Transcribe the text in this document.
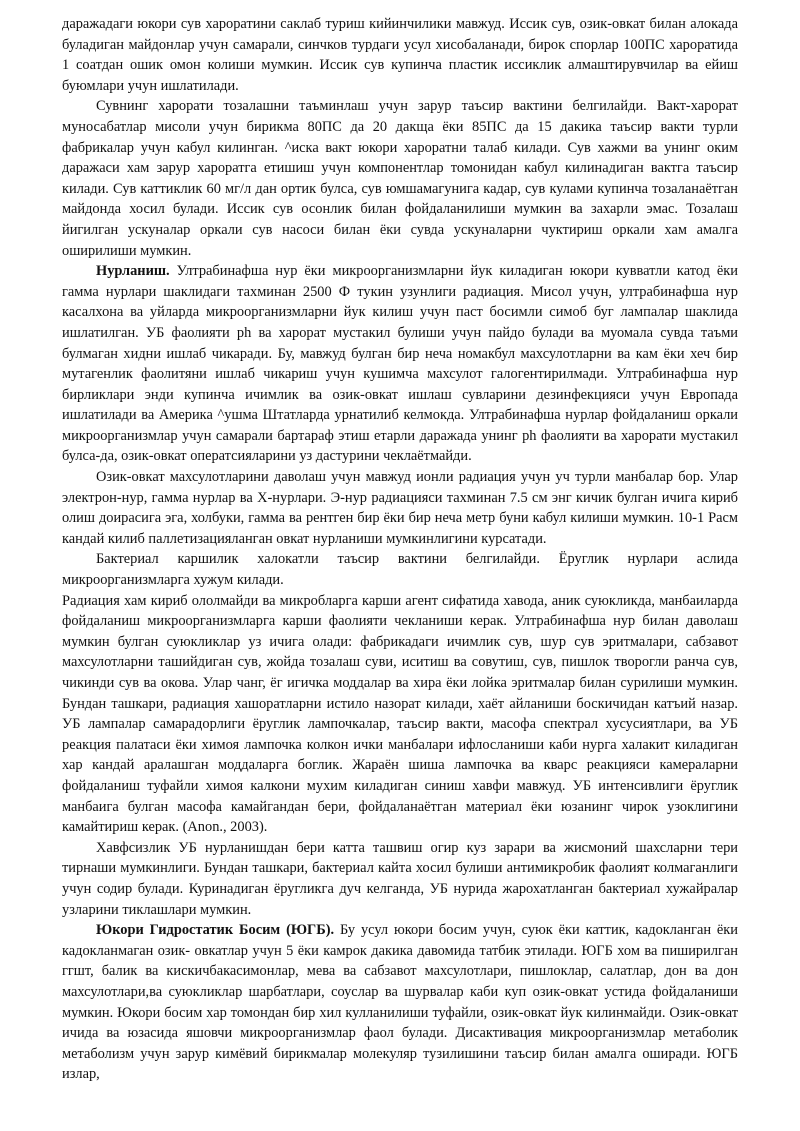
даражадаги юкори сув хароратини саклаб туриш кийинчилики мавжуд. Иссик сув, озик-овкат билан алокада буладиган майдонлар учун самарали, синчков турдаги усул хисобаланади, бирок спорлар 100ПС хароратида 1 соатдан ошик омон колиши мумкин. Иссик сув купинча пластик иссиклик алмаштирувчилар ва ейиш буюмлари учун ишлатилади.

Сувнинг харорати тозалашни таъминлаш учун зарур таъсир вактини белгилайди. Вакт-харорат муносабатлар мисоли учун бирикма 80ПС да 20 дакща ёки 85ПС да 15 дакика таъсир вакти турли фабрикалар учун кабул килинган. ^иска вакт юкори хароратни талаб килади. Сув хажми ва унинг оким даражаси хам зарур хароратга етишиш учун компонентлар томонидан кабул килинадиган вактга таъсир килади. Сув каттиклик 60 мг/л дан ортик булса, сув юмшамагунига кадар, сув кулами купинча тозаланаётган майдонда хосил булади. Иссик сув осонлик билан фойдаланилиши мумкин ва захарли эмас. Тозалаш йигилган ускуналар оркали сув насоси билан ёки сувда ускуналарни чуктириш оркали хам амалга оширилиши мумкин.

Нурланиш. Ултрабинафша нур ёки микроорганизмларни йук киладиган юкори кувватли катод ёки гамма нурлари шаклидаги тахминан 2500 Ф тукин узунлиги радиация. Мисол учун, ултрабинафша нур касалхона ва уйларда микроорганизмларни йук килиш учун паст босимли симоб буг лампалар шаклида ишлатилган. УБ фаолияти ph ва харорат мустакил булиши учун пайдо булади ва муомала сувда таъми булмаган хидни ишлаб чикаради. Бу, мавжуд булган бир неча номакбул махсулотларни ва кам ёки хеч бир мутагенлик фаолитяни ишлаб чикариш учун кушимча махсулот галогентирилмади. Ултрабинафша нур бирликлари энди купинча ичимлик ва озик-овкат ишлаш сувларини дезинфекцияси учун Европада ишлатилади ва Америка ^ушма Штатларда урнатилиб келмокда. Ултрабинафша нурлар фойдаланиш оркали микроорганизмлар учун самарали бартараф этиш етарли даражада унинг ph фаолияти ва харорати мустакил булса-да, озик-овкат оператсияларини уз дастурини чеклаётмайди.

Озик-овкат махсулотларини даволаш учун мавжуд ионли радиация учун уч турли манбалар бор. Улар электрон-нур, гамма нурлар ва Х-нурлари. Э-нур радиацияси тахминан 7.5 см энг кичик булган ичига кириб олиш доирасига эга, холбуки, гамма ва рентген бир ёки бир неча метр буни кабул килиши мумкин. 10-1 Расм кандай килиб паллетизацияланган овкат нурланиши мумкинлигини курсатади.

Бактериал каршилик халокатли таъсир вактини белгилайди. Ёруглик нурлари аслида микроорганизмларга хужум килади.

Радиация хам кириб ололмайди ва микробларга карши агент сифатида хавода, аник суюкликда, манбаиларда фойдаланиш микроорганизмларга карши фаолияти чекланиши керак. Ултрабинафша нур билан даволаш мумкин булган суюкликлар уз ичига олади: фабрикадаги ичимлик сув, шур сув эритмалари, сабзавот махсулотларни ташийдиган сув, жойда тозалаш суви, иситиш ва совутиш, сув, пишлок творогли ранча сув, чикинди сув ва окова. Улар чанг, ёг игичка моддалар ва хира ёки лойка эритмалар билан сурилиши мумкин. Бундан ташкари, радиация хашоратларни истило назорат килади, хаёт айланиши боскичидан катъий назар. УБ лампалар самарадорлиги ёруглик лампочкалар, таъсир вакти, масофа спектрал хусусиятлари, ва УБ реакция палатаси ёки химоя лампочка колкон ички манбалари ифлосланиши каби нурга халакит киладиган хар кандай аралашган моддаларга боглик. Жараён шиша лампочка ва кварс реакцияси камераларни фойдаланиш туфайли химоя калкони мухим киладиган синиш хавфи мавжуд. УБ интенсивлиги ёруглик манбаига булган масофа камайгандан бери, фойдаланаётган материал ёки юзанинг чирок узоклигини камайтириш керак. (Anon., 2003).

Хавфсизлик УБ нурланишдан бери катта ташвиш огир куз зарари ва жисмоний шахсларни тери тирнаши мумкинлиги. Бундан ташкари, бактериал кайта хосил булиши антимикробик фаолият колмаганлиги учун содир булади. Куринадиган ёругликга дуч келганда, УБ нурида жарохатланган бактериал хужайралар узларини тиклашлари мумкин.

Юкори Гидростатик Босим (ЮГБ). Бу усул юкори босим учун, суюк ёки каттик, кадокланган ёки кадокланмаган озик- овкатлар учун 5 ёки камрок дакика давомида татбик этилади. ЮГБ хом ва пиширилган ггшт, балик ва кискичбакасимонлар, мева ва сабзавот махсулотлари, пишлоклар, салатлар, дон ва дон махсулотлари,ва суюкликлар шарбатлари, соуслар ва шурвалар каби куп озик-овкат устида фойдаланиши мумкин. Юкори босим хар томондан бир хил кулланилиши туфайли, озик-овкат йук килинмайди. Озик-овкат ичида ва юзасида яшовчи микроорганизмлар фаол булади. Дисактивация микроорганизмлар метаболик метаболизм учун зарур кимёвий бирикмалар молекуляр тузилишини таъсир билан амалга оширади. ЮГБ излар,
